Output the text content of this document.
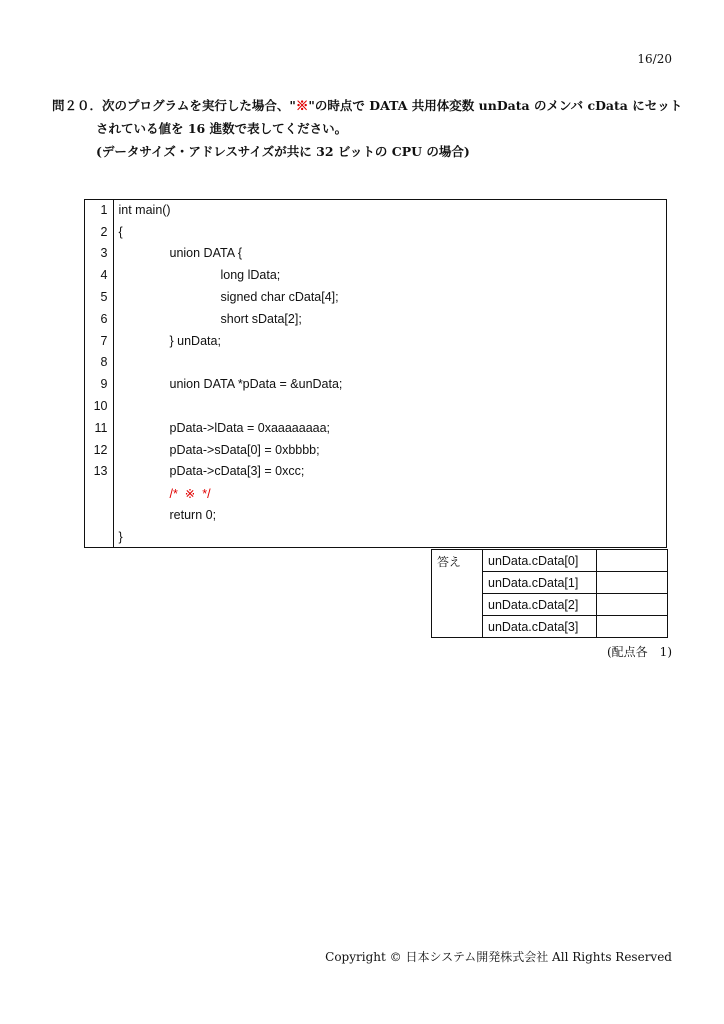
16/20
問２０．次のプログラムを実行した場合、"※"の時点で DATA 共用体変数 unData のメンバ cData にセット
されている値を 16 進数で表してください。
(データサイズ・アドレスサイズが共に 32 ビットの CPU の場合)
1	int main()
2	{
3	union DATA {
4	long lData;
5	signed char cData[4];
6	short sData[2];
7	} unData;
8	
9	union DATA *pData = &unData;
10	
11	pData->lData = 0xaaaaaaaa;
12	pData->sData[0] = 0xbbbb;
13	pData->cData[3] = 0xcc;
	/*  ※  */
	return 0;
	}
答え	unData.cData[0]	
	unData.cData[1]	
	unData.cData[2]	
	unData.cData[3]	
(配点各　1)
Copyright © 日本システム開発株式会社 All Rights Reserved
